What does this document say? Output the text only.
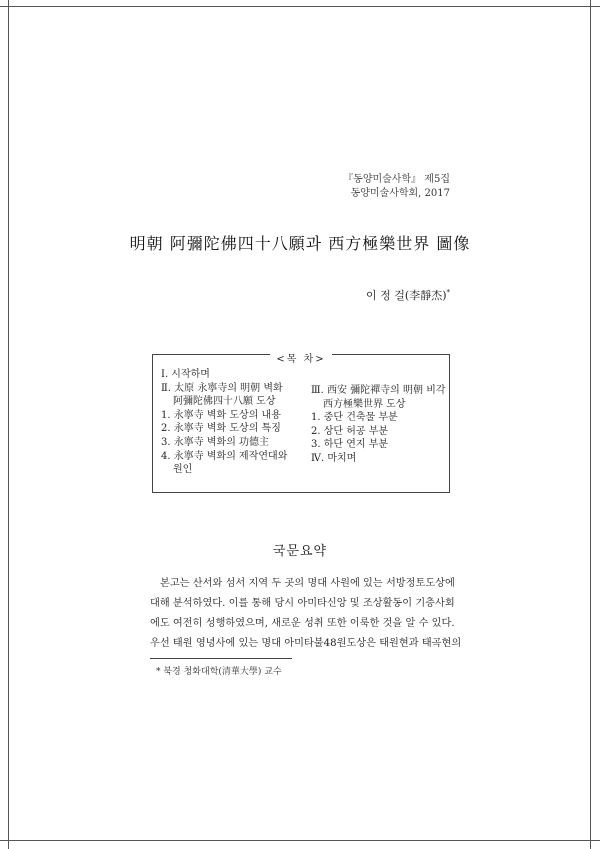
『동양미술사학』 제5집
동양미술사학회, 2017
明朝 阿彌陀佛四十八願과 西方極樂世界 圖像
이 정 걸(李靜杰)*
<목 차>
Ⅰ. 시작하며
Ⅱ. 太原 永寧寺의 明朝 벽화
阿彌陀佛四十八願 도상
1. 永寧寺 벽화 도상의 내용
2. 永寧寺 벽화 도상의 특징
3. 永寧寺 벽화의 功德主
4. 永寧寺 벽화의 제작연대와
원인
Ⅲ. 西安 彌陀禪寺의 明朝 비각
西方極樂世界 도상
1. 중단 건축물 부분
2. 상단 허공 부분
3. 하단 연지 부분
Ⅳ. 마치며
국문요약
본고는 산서와 섬서 지역 두 곳의 명대 사원에 있는 서방정토도상에
대해 분석하였다. 이를 통해 당시 아미타신앙 및 조상활동이 기층사회
에도 여전히 성행하였으며, 새로운 성취 또한 이룩한 것을 알 수 있다.
우선 태원 영녕사에 있는 명대 아미타불48원도상은 태원현과 태곡현의
* 북경 청화대학(清華大學) 교수
